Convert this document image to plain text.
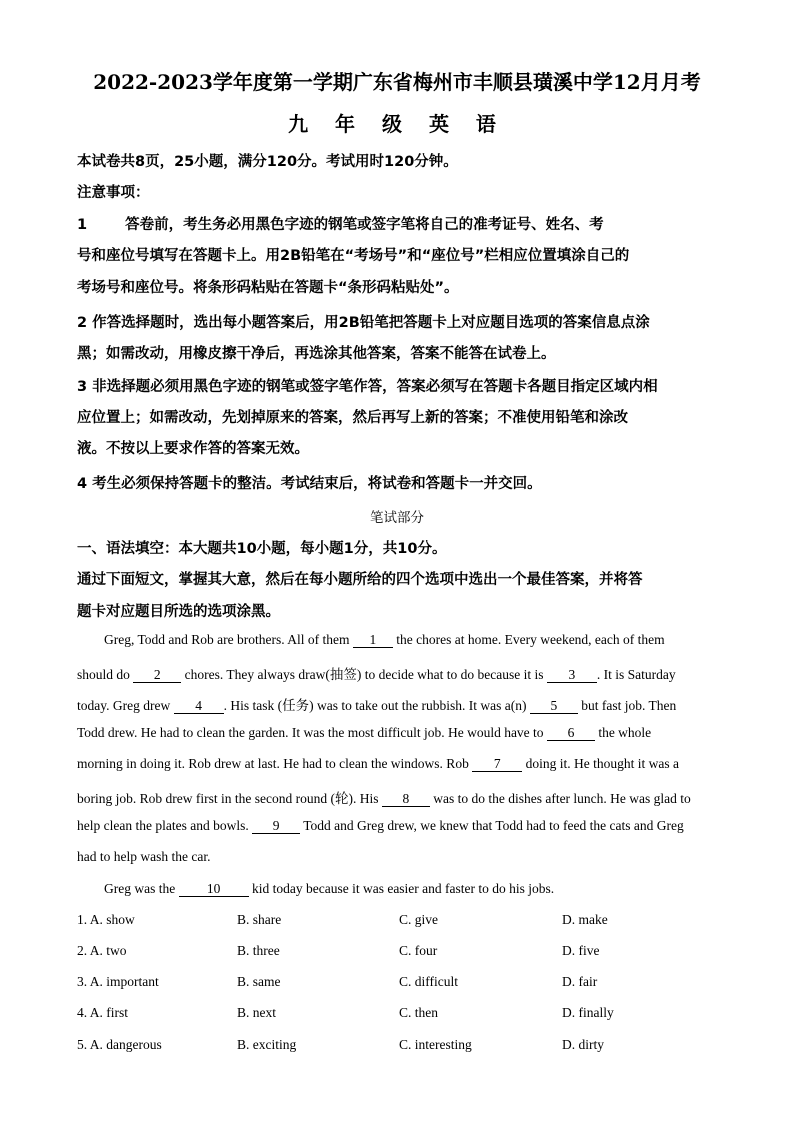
2022-2023学年度第一学期广东省梅州市丰顺县璜溪中学12月月考
九 年 级 英 语
本试卷共8页，25小题，满分120分。考试用时120分钟。
注意事项：
1	答卷前，考生务必用黑色字迹的钢笔或签字笔将自己的准考证号、姓名、考
号和座位号填写在答题卡上。用2B铅笔在“考场号”和“座位号”栏相应位置填涂自己的
考场号和座位号。将条形码粘贴在答题卡“条形码粘贴处”。
2 作答选择题时，选出每小题答案后，用2B铅笔把答题卡上对应题目选项的答案信息点涂
黑；如需改动，用橡皮擦干净后，再选涂其他答案，答案不能答在试卷上。
3 非选择题必须用黑色字迹的钢笔或签字笔作答，答案必须写在答题卡各题目指定区域内相
应位置上；如需改动，先划掉原来的答案，然后再写上新的答案；不准使用铅笔和涂改
液。不按以上要求作答的答案无效。
4 考生必须保持答题卡的整洁。考试结束后，将试卷和答题卡一并交回。
笔试部分
一、语法填空：本大题共10小题，每小题1分，共10分。
通过下面短文，掌握其大意，然后在每小题所给的四个选项中选出一个最佳答案，并将答
题卡对应题目所选的选项涂黑。
Greg, Todd and Rob are brothers. All of them 1 the chores at home. Every weekend, each of them
should do 2 chores. They always draw(抽签) to decide what to do because it is 3 . It is Saturday
today. Greg drew 4 . His task (任务) was to take out the rubbish. It was a(n) 5 but fast job. Then
Todd drew. He had to clean the garden. It was the most difficult job. He would have to 6 the whole
morning in doing it. Rob drew at last. He had to clean the windows. Rob 7 doing it. He thought it was a
boring job. Rob drew first in the second round (轮). His 8 was to do the dishes after lunch. He was glad to
help clean the plates and bowls. 9 Todd and Greg drew, we knew that Todd had to feed the cats and Greg
had to help wash the car.
Greg was the 10 kid today because it was easier and faster to do his jobs.
1. A. show	B. share	C. give	D. make
2. A. two	B. three	C. four	D. five
3. A. important	B. same	C. difficult	D. fair
4. A. first	B. next	C. then	D. finally
5. A. dangerous	B. exciting	C. interesting	D. dirty
